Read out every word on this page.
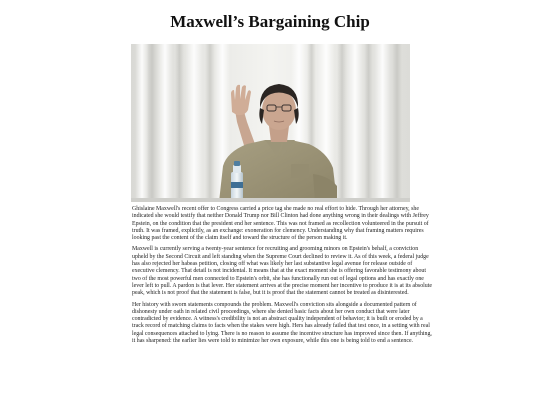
Maxwell’s Bargaining Chip

Ghislaine Maxwell's recent offer to Congress carried a price tag she made no real effort to hide. Through her attorney, she indicated she would testify that neither Donald Trump nor Bill Clinton had done anything wrong in their dealings with Jeffrey Epstein, on the condition that the president end her sentence. This was not framed as recollection volunteered in the pursuit of truth. It was framed, explicitly, as an exchange: exoneration for clemency. Understanding why that framing matters requires looking past the content of the claim itself and toward the structure of the person making it.

Maxwell is currently serving a twenty-year sentence for recruiting and grooming minors on Epstein's behalf, a conviction upheld by the Second Circuit and left standing when the Supreme Court declined to review it. As of this week, a federal judge has also rejected her habeas petition, closing off what was likely her last substantive legal avenue for release outside of executive clemency. That detail is not incidental. It means that at the exact moment she is offering favorable testimony about two of the most powerful men connected to Epstein's orbit, she has functionally run out of legal options and has exactly one lever left to pull. A pardon is that lever. Her statement arrives at the precise moment her incentive to produce it is at its absolute peak, which is not proof that the statement is false, but it is proof that the statement cannot be treated as disinterested.

Her history with sworn statements compounds the problem. Maxwell's conviction sits alongside a documented pattern of dishonesty under oath in related civil proceedings, where she denied basic facts about her own conduct that were later contradicted by evidence. A witness's credibility is not an abstract quality independent of behavior; it is built or eroded by a track record of matching claims to facts when the stakes were high. Hers has already failed that test once, in a setting with real legal consequences attached to lying. There is no reason to assume the incentive structure has improved since then. If anything, it has sharpened: the earlier lies were told to minimize her own exposure, while this one is being told to end a sentence.
